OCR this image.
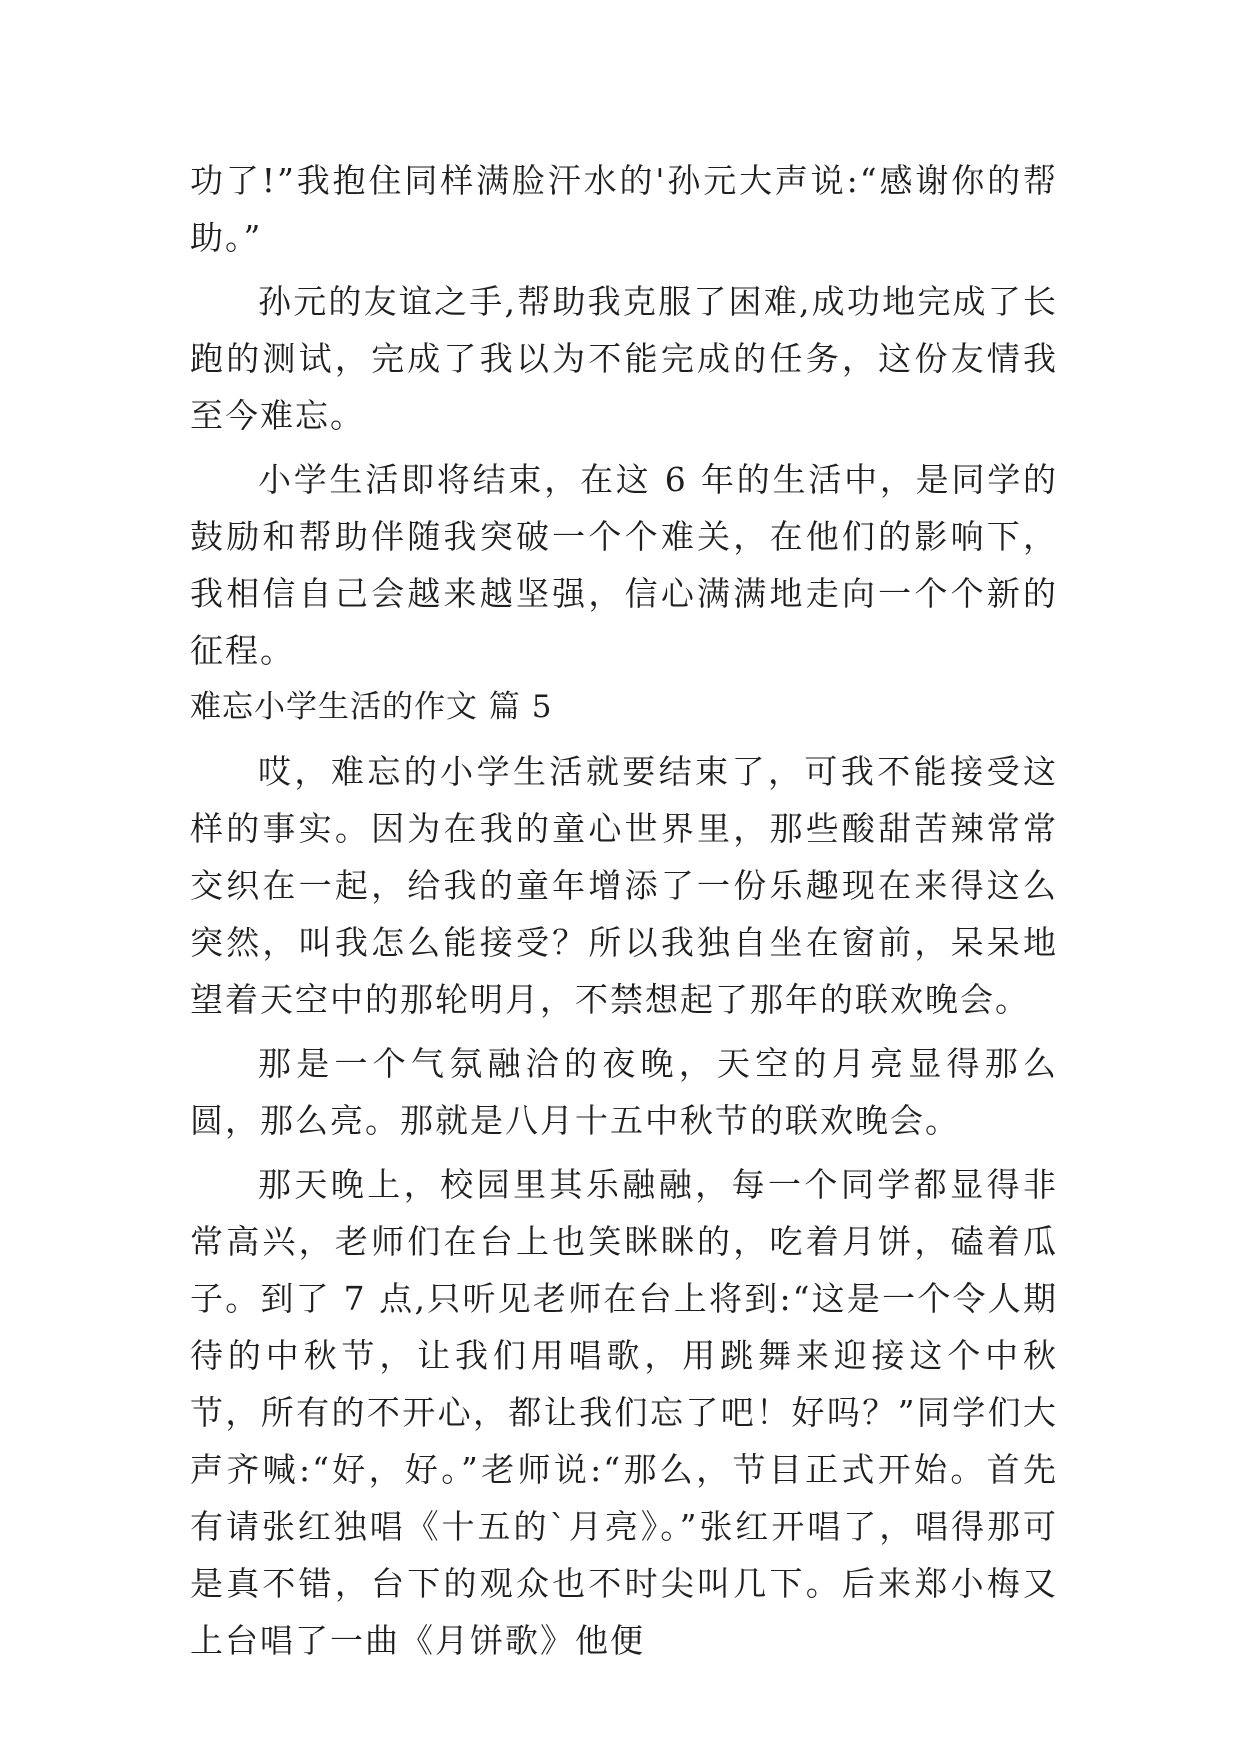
功了!”我抱住同样满脸汗水的'孙元大声说:“感谢你的帮助。”

孙元的友谊之手,帮助我克服了困难,成功地完成了长跑的测试，完成了我以为不能完成的任务，这份友情我至今难忘。

小学生活即将结束，在这 6 年的生活中，是同学的鼓励和帮助伴随我突破一个个难关，在他们的影响下，我相信自己会越来越坚强，信心满满地走向一个个新的征程。

难忘小学生活的作文 篇 5

哎，难忘的小学生活就要结束了，可我不能接受这样的事实。因为在我的童心世界里，那些酸甜苦辣常常交织在一起，给我的童年增添了一份乐趣现在来得这么突然，叫我怎么能接受？所以我独自坐在窗前，呆呆地望着天空中的那轮明月，不禁想起了那年的联欢晚会。

那是一个气氛融洽的夜晚，天空的月亮显得那么圆，那么亮。那就是八月十五中秋节的联欢晚会。

那天晚上，校园里其乐融融，每一个同学都显得非常高兴，老师们在台上也笑眯眯的，吃着月饼，磕着瓜子。到了 7 点,只听见老师在台上将到:“这是一个令人期待的中秋节，让我们用唱歌，用跳舞来迎接这个中秋节，所有的不开心，都让我们忘了吧！好吗？”同学们大声齐喊:“好，好。”老师说:“那么，节目正式开始。首先有请张红独唱《十五的`月亮》。”张红开唱了，唱得那可是真不错，台下的观众也不时尖叫几下。后来郑小梅又上台唱了一曲《月饼歌》他便
